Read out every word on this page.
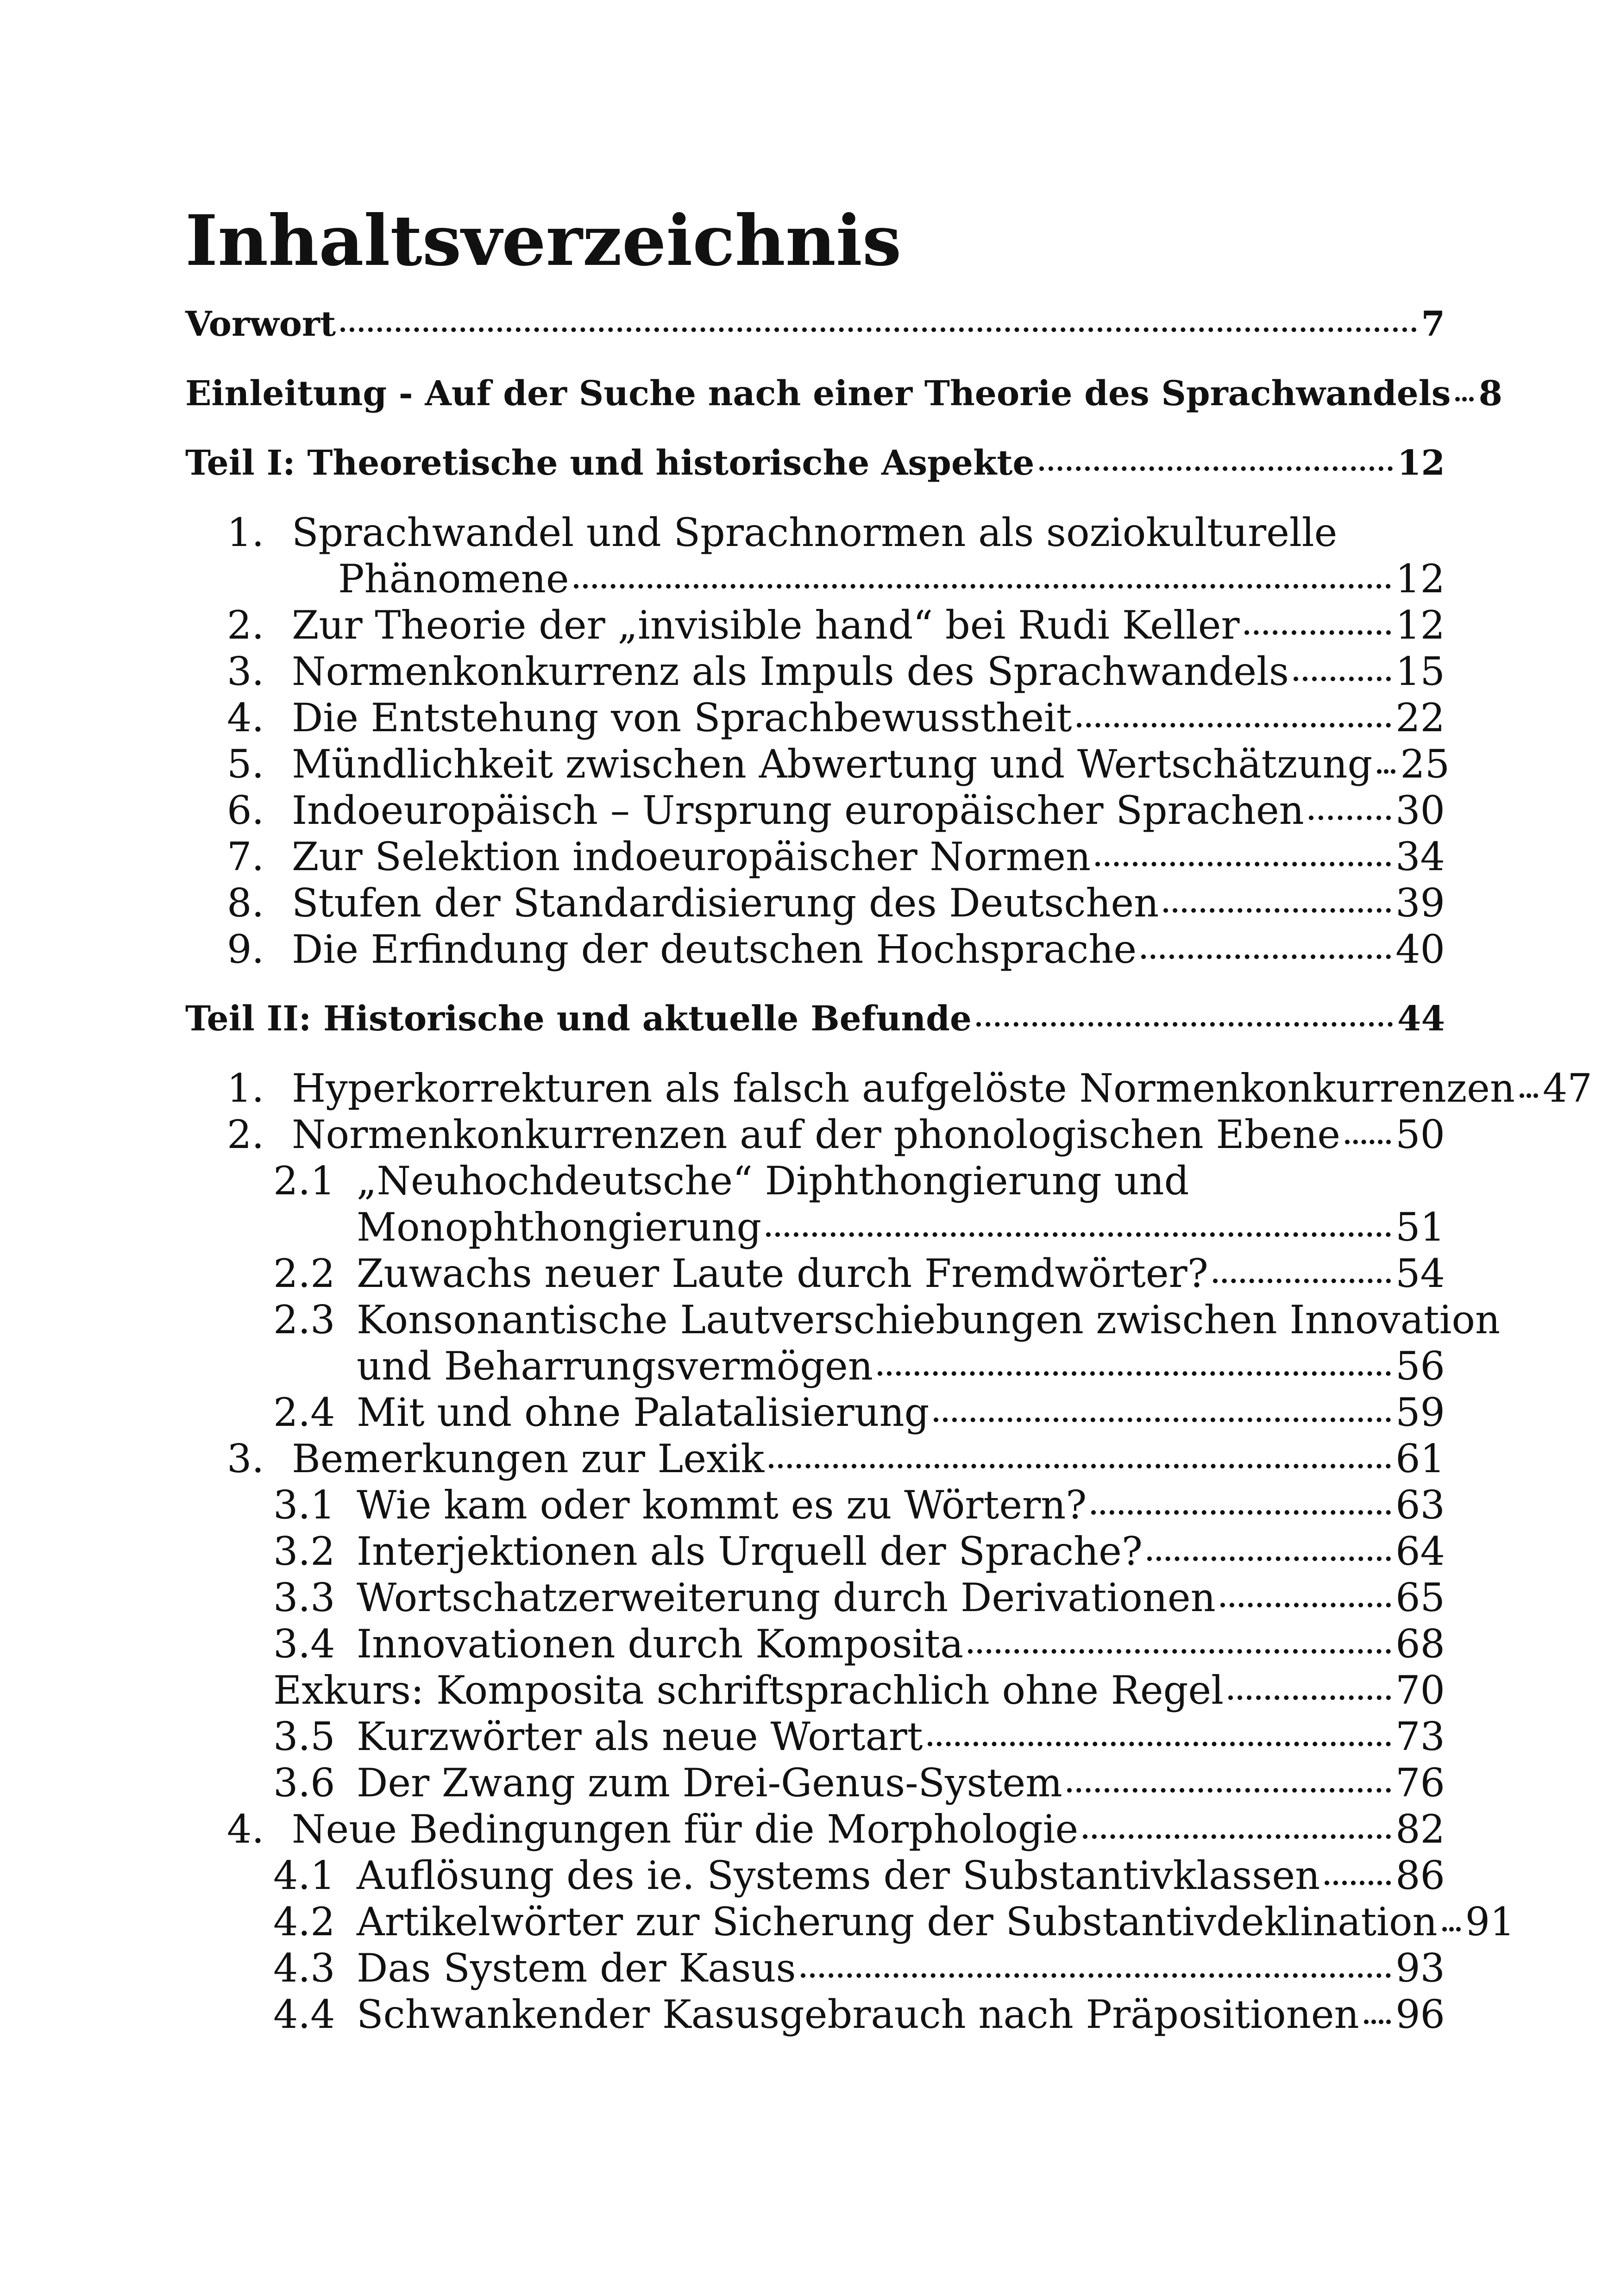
Inhaltsverzeichnis
Vorwort	7
Einleitung - Auf der Suche nach einer Theorie des Sprachwandels 8
Teil I: Theoretische und historische Aspekte	12
1. Sprachwandel und Sprachnormen als soziokulturelle
Phänomene	12
2. Zur Theorie der „invisible hand“ bei Rudi Keller	12
3. Normenkonkurrenz als Impuls des Sprachwandels	15
4. Die Entstehung von Sprachbewusstheit	22
5. Mündlichkeit zwischen Abwertung und Wertschätzung 25
6. Indoeuropäisch – Ursprung europäischer Sprachen 30
7. Zur Selektion indoeuropäischer Normen	34
8. Stufen der Standardisierung des Deutschen	39
9. Die Erfindung der deutschen Hochsprache	40
Teil II: Historische und aktuelle Befunde	44
1. Hyperkorrekturen als falsch aufgelöste Normenkonkurrenzen 47
2. Normenkonkurrenzen auf der phonologischen Ebene 50
2.1 „Neuhochdeutsche“ Diphthongierung und
Monophthongierung	51
2.2 Zuwachs neuer Laute durch Fremdwörter?	54
2.3 Konsonantische Lautverschiebungen zwischen Innovation
und Beharrungsvermögen	56
2.4 Mit und ohne Palatalisierung	59
3. Bemerkungen zur Lexik	61
3.1 Wie kam oder kommt es zu Wörtern?	63
3.2 Interjektionen als Urquell der Sprache?	64
3.3 Wortschatzerweiterung durch Derivationen	65
3.4 Innovationen durch Komposita	68
Exkurs: Komposita schriftsprachlich ohne Regel	70
3.5 Kurzwörter als neue Wortart	73
3.6 Der Zwang zum Drei-Genus-System	76
4. Neue Bedingungen für die Morphologie	82
4.1 Auflösung des ie. Systems der Substantivklassen 86
4.2 Artikelwörter zur Sicherung der Substantivdeklination 91
4.3 Das System der Kasus	93
4.4 Schwankender Kasusgebrauch nach Präpositionen 96
